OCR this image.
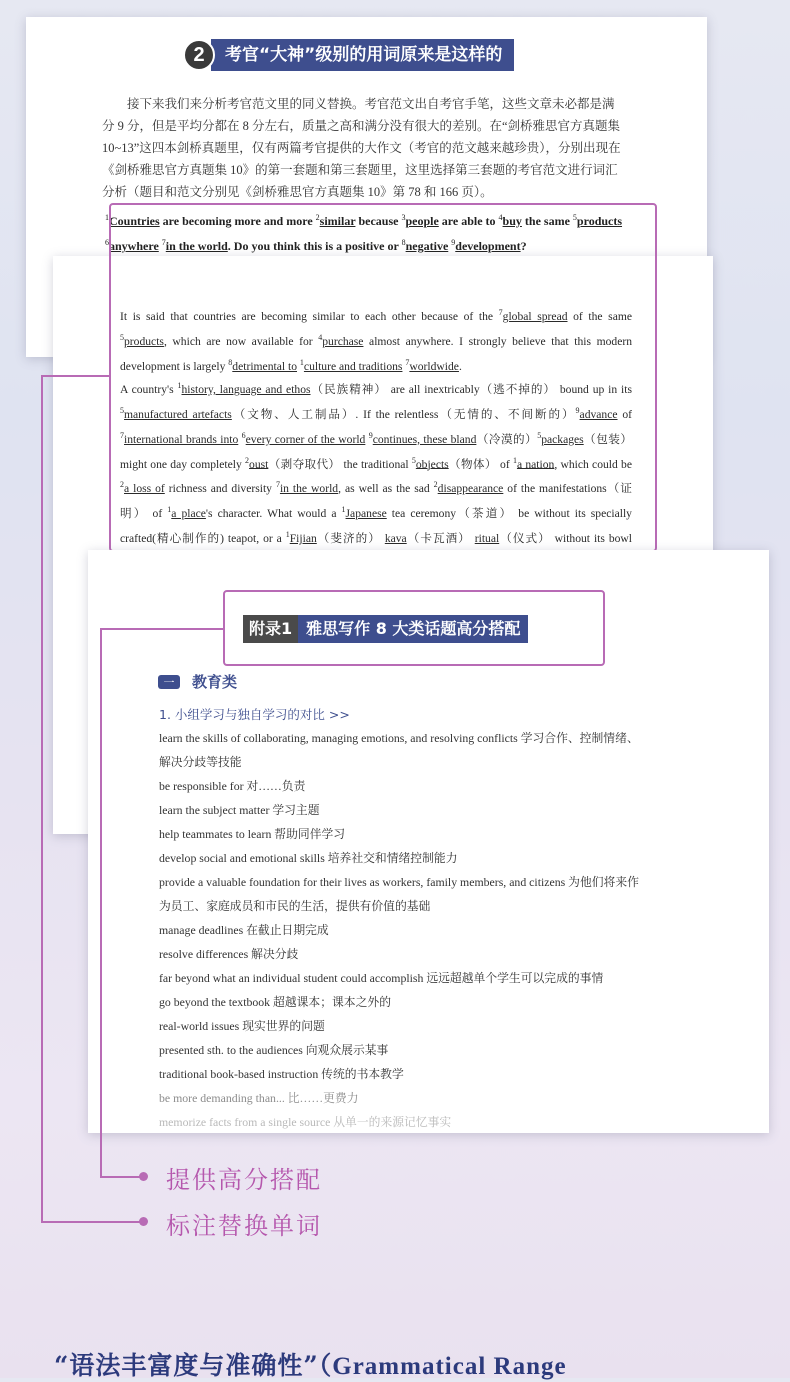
2	考官“大神”级别的用词原来是这样的
接下来我们来分析考官范文里的同义替换。考官范文出自考官手笔，这些文章未必都是满分 9 分，但是平均分都在 8 分左右，质量之高和满分没有很大的差别。在“剑桥雅思官方真题集 10~13”这四本剑桥真题里，仅有两篇考官提供的大作文（考官的范文越来越珍贵），分别出现在《剑桥雅思官方真题集 10》的第一套题和第三套题里，这里选择第三套题的考官范文进行词汇分析（题目和范文分别见《剑桥雅思官方真题集 10》第 78 和 166 页）。
$^1$Countries are becoming more and more $^2$similar because $^3$people are able to $^4$buy the same $^5$products $^6$anywhere $^7$in the world. Do you think this is a positive or $^8$negative $^9$development?
It is said that countries are becoming similar to each other because of the $^7$global spread of the same $^5$products, which are now available for $^4$purchase almost anywhere. I strongly believe that this modern development is largely $^8$detrimental to $^1$culture and traditions $^7$worldwide.
A country's $^1$history, language and ethos（民族精神） are all inextricably（逃不掉的） bound up in its $^5$manufactured artefacts（文物、人工制品）. If the relentless（无情的、不间断的）$^9$advance of $^7$international brands into $^6$every corner of the world $^9$continues, these bland（冷漠的）$^5$packages（包装） might one day completely $^2$oust（剥夺取代） the traditional $^5$objects（物体） of $^1$a nation, which could be $^2$a loss of richness and diversity $^7$in the world, as well as the sad $^2$disappearance of the manifestations（证明） of $^1$a place's character. What would a $^1$Japanese tea ceremony（茶道） be without its specially crafted(精心制作的) teapot, or a $^1$Fijian（斐济的） kava（卡瓦酒） ritual（仪式） without its bowl
附录1 雅思写作 8 大类话题高分搭配
一	教育类
1. 小组学习与独自学习的对比 >>
learn the skills of collaborating, managing emotions, and resolving conflicts 学习合作、控制情绪、
解决分歧等技能
be responsible for 对……负责
learn the subject matter 学习主题
help teammates to learn 帮助同伴学习
develop social and emotional skills 培养社交和情绪控制能力
provide a valuable foundation for their lives as workers, family members, and citizens 为他们将来作
为员工、家庭成员和市民的生活，提供有价值的基础
manage deadlines 在截止日期完成
resolve differences 解决分歧
far beyond what an individual student could accomplish 远远超越单个学生可以完成的事情
go beyond the textbook 超越课本；课本之外的
real-world issues 现实世界的问题
presented sth. to the audiences 向观众展示某事
traditional book-based instruction 传统的书本教学
be more demanding than... 比……更费力
memorize facts from a single source 从单一的来源记忆事实
提供高分搭配
标注替换单词
“语法丰富度与准确性”（Grammatical Range
